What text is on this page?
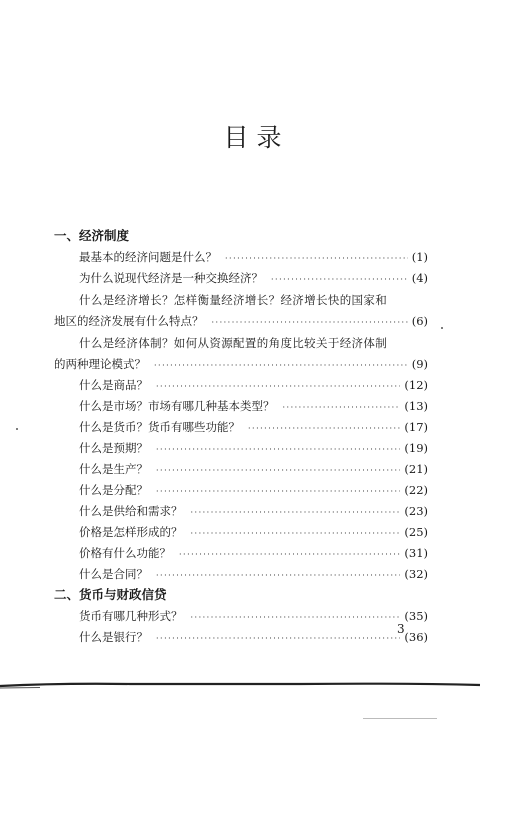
目 录
一、经济制度
最基本的经济问题是什么？ ·····	(1)
为什么说现代经济是一种交换经济？ ·····	(4)
什么是经济增长？怎样衡量经济增长？经济增长快的国家和
地区的经济发展有什么特点？ ·····	(6)
什么是经济体制？如何从资源配置的角度比较关于经济体制
的两种理论模式？ ·····	(9)
什么是商品？ ·····	(12)
什么是市场？市场有哪几种基本类型？ ·····	(13)
什么是货币？货币有哪些功能？ ·····	(17)
什么是预期？ ·····	(19)
什么是生产？ ·····	(21)
什么是分配？ ·····	(22)
什么是供给和需求？ ·····	(23)
价格是怎样形成的？ ·····	(25)
价格有什么功能？ ·····	(31)
什么是合同？ ·····	(32)
二、货币与财政信贷
货币有哪几种形式？ ·····	(35)
什么是银行？ ·····	(36)
3
